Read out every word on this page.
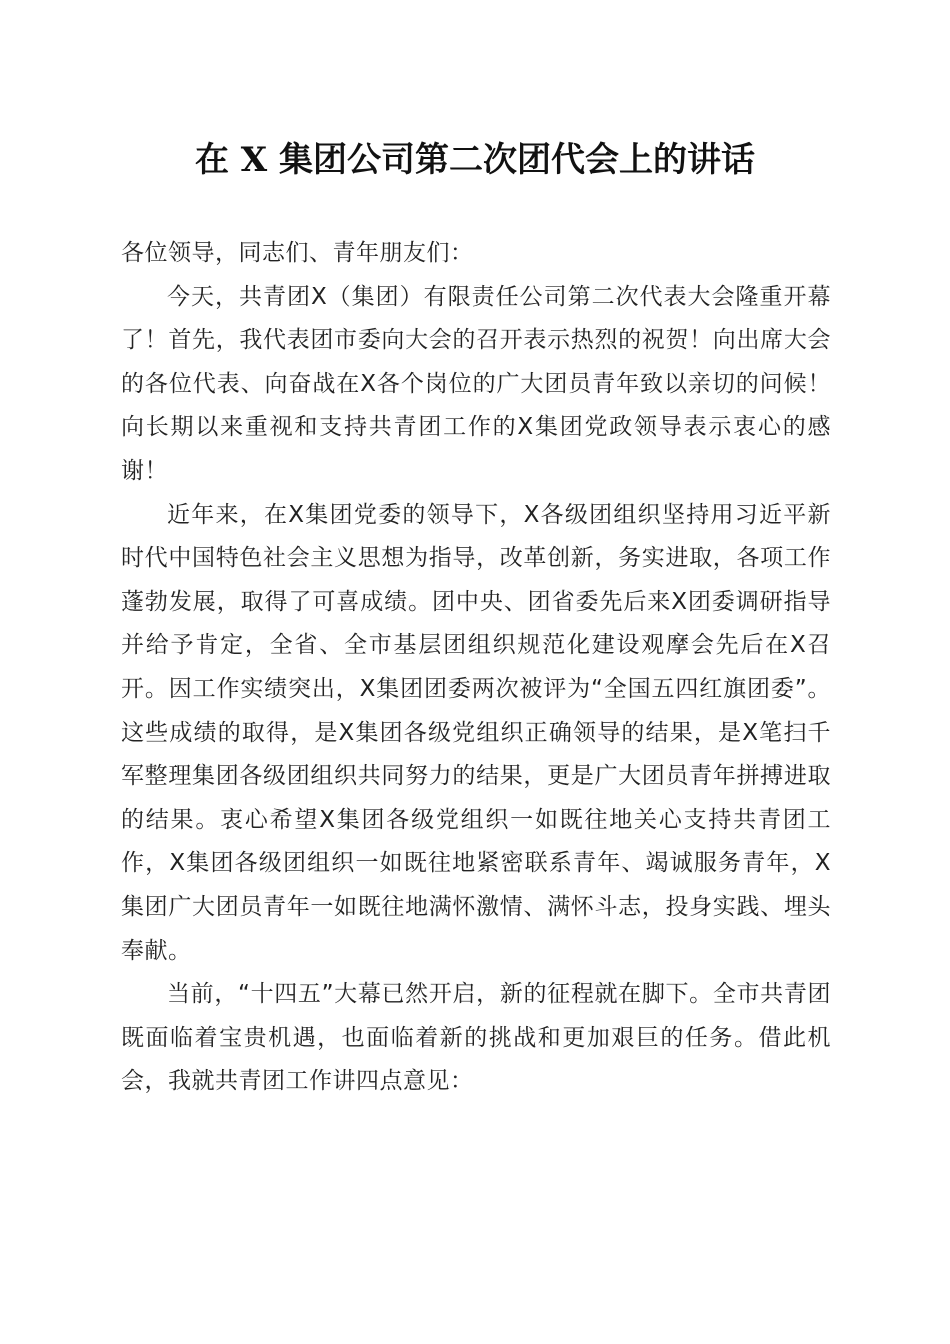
在 X 集团公司第二次团代会上的讲话

各位领导，同志们、青年朋友们：

今天，共青团X（集团）有限责任公司第二次代表大会隆重开幕了！首先，我代表团市委向大会的召开表示热烈的祝贺！向出席大会的各位代表、向奋战在X各个岗位的广大团员青年致以亲切的问候！向长期以来重视和支持共青团工作的X集团党政领导表示衷心的感谢！

近年来，在X集团党委的领导下，X各级团组织坚持用习近平新时代中国特色社会主义思想为指导，改革创新，务实进取，各项工作蓬勃发展，取得了可喜成绩。团中央、团省委先后来X团委调研指导并给予肯定，全省、全市基层团组织规范化建设观摩会先后在X召开。因工作实绩突出，X集团团委两次被评为“全国五四红旗团委”。这些成绩的取得，是X集团各级党组织正确领导的结果，是X笔扫千军整理集团各级团组织共同努力的结果，更是广大团员青年拼搏进取的结果。衷心希望X集团各级党组织一如既往地关心支持共青团工作，X集团各级团组织一如既往地紧密联系青年、竭诚服务青年，X集团广大团员青年一如既往地满怀激情、满怀斗志，投身实践、埋头奉献。

当前，“十四五”大幕已然开启，新的征程就在脚下。全市共青团既面临着宝贵机遇，也面临着新的挑战和更加艰巨的任务。借此机会，我就共青团工作讲四点意见：
